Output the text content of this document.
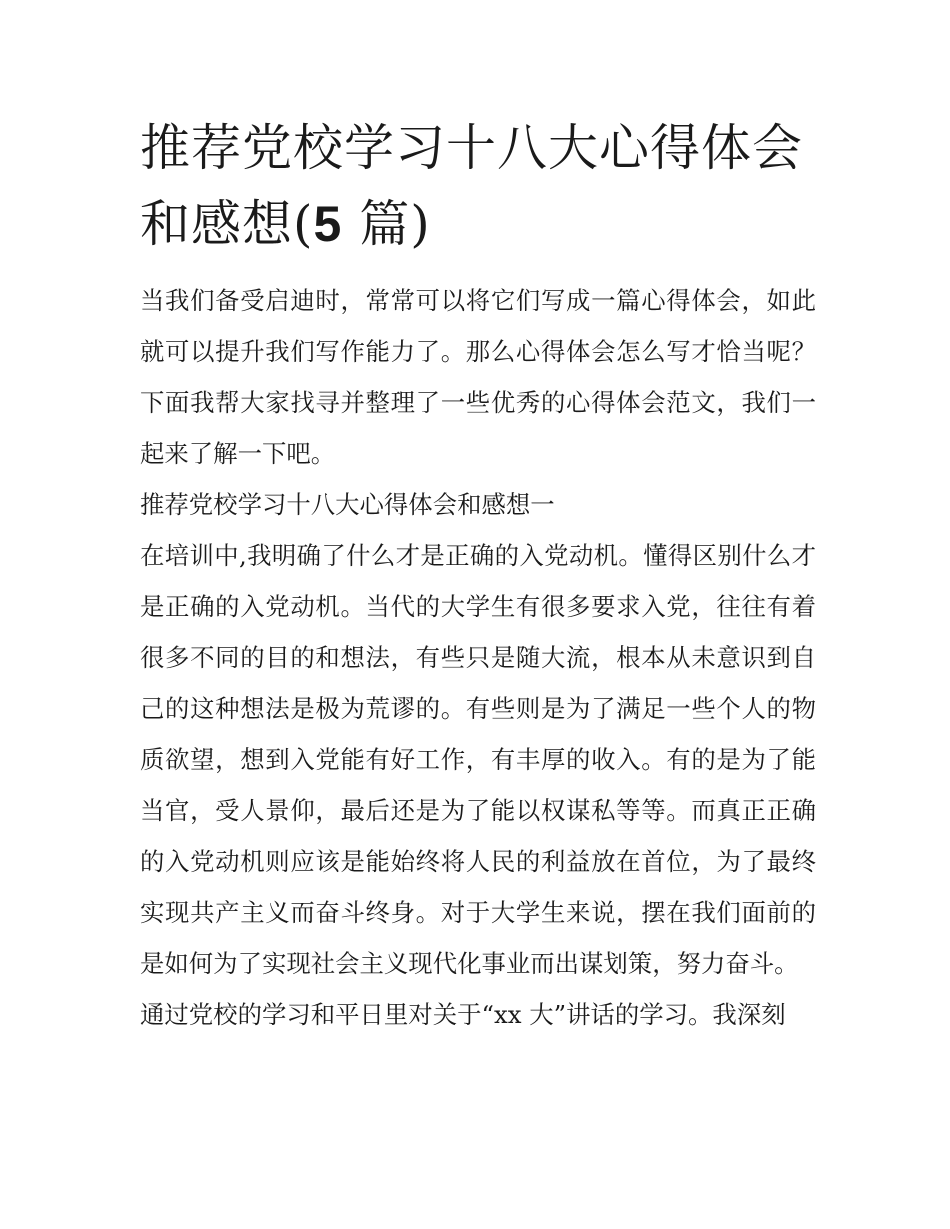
推荐党校学习十八大心得体会和感想(5 篇)

当我们备受启迪时，常常可以将它们写成一篇心得体会，如此就可以提升我们写作能力了。那么心得体会怎么写才恰当呢？下面我帮大家找寻并整理了一些优秀的心得体会范文，我们一起来了解一下吧。

推荐党校学习十八大心得体会和感想一

在培训中,我明确了什么才是正确的入党动机。懂得区别什么才是正确的入党动机。当代的大学生有很多要求入党，往往有着很多不同的目的和想法，有些只是随大流，根本从未意识到自己的这种想法是极为荒谬的。有些则是为了满足一些个人的物质欲望，想到入党能有好工作，有丰厚的收入。有的是为了能当官，受人景仰，最后还是为了能以权谋私等等。而真正正确的入党动机则应该是能始终将人民的利益放在首位，为了最终实现共产主义而奋斗终身。对于大学生来说，摆在我们面前的是如何为了实现社会主义现代化事业而出谋划策，努力奋斗。

通过党校的学习和平日里对关于“xx 大”讲话的学习。我深刻
